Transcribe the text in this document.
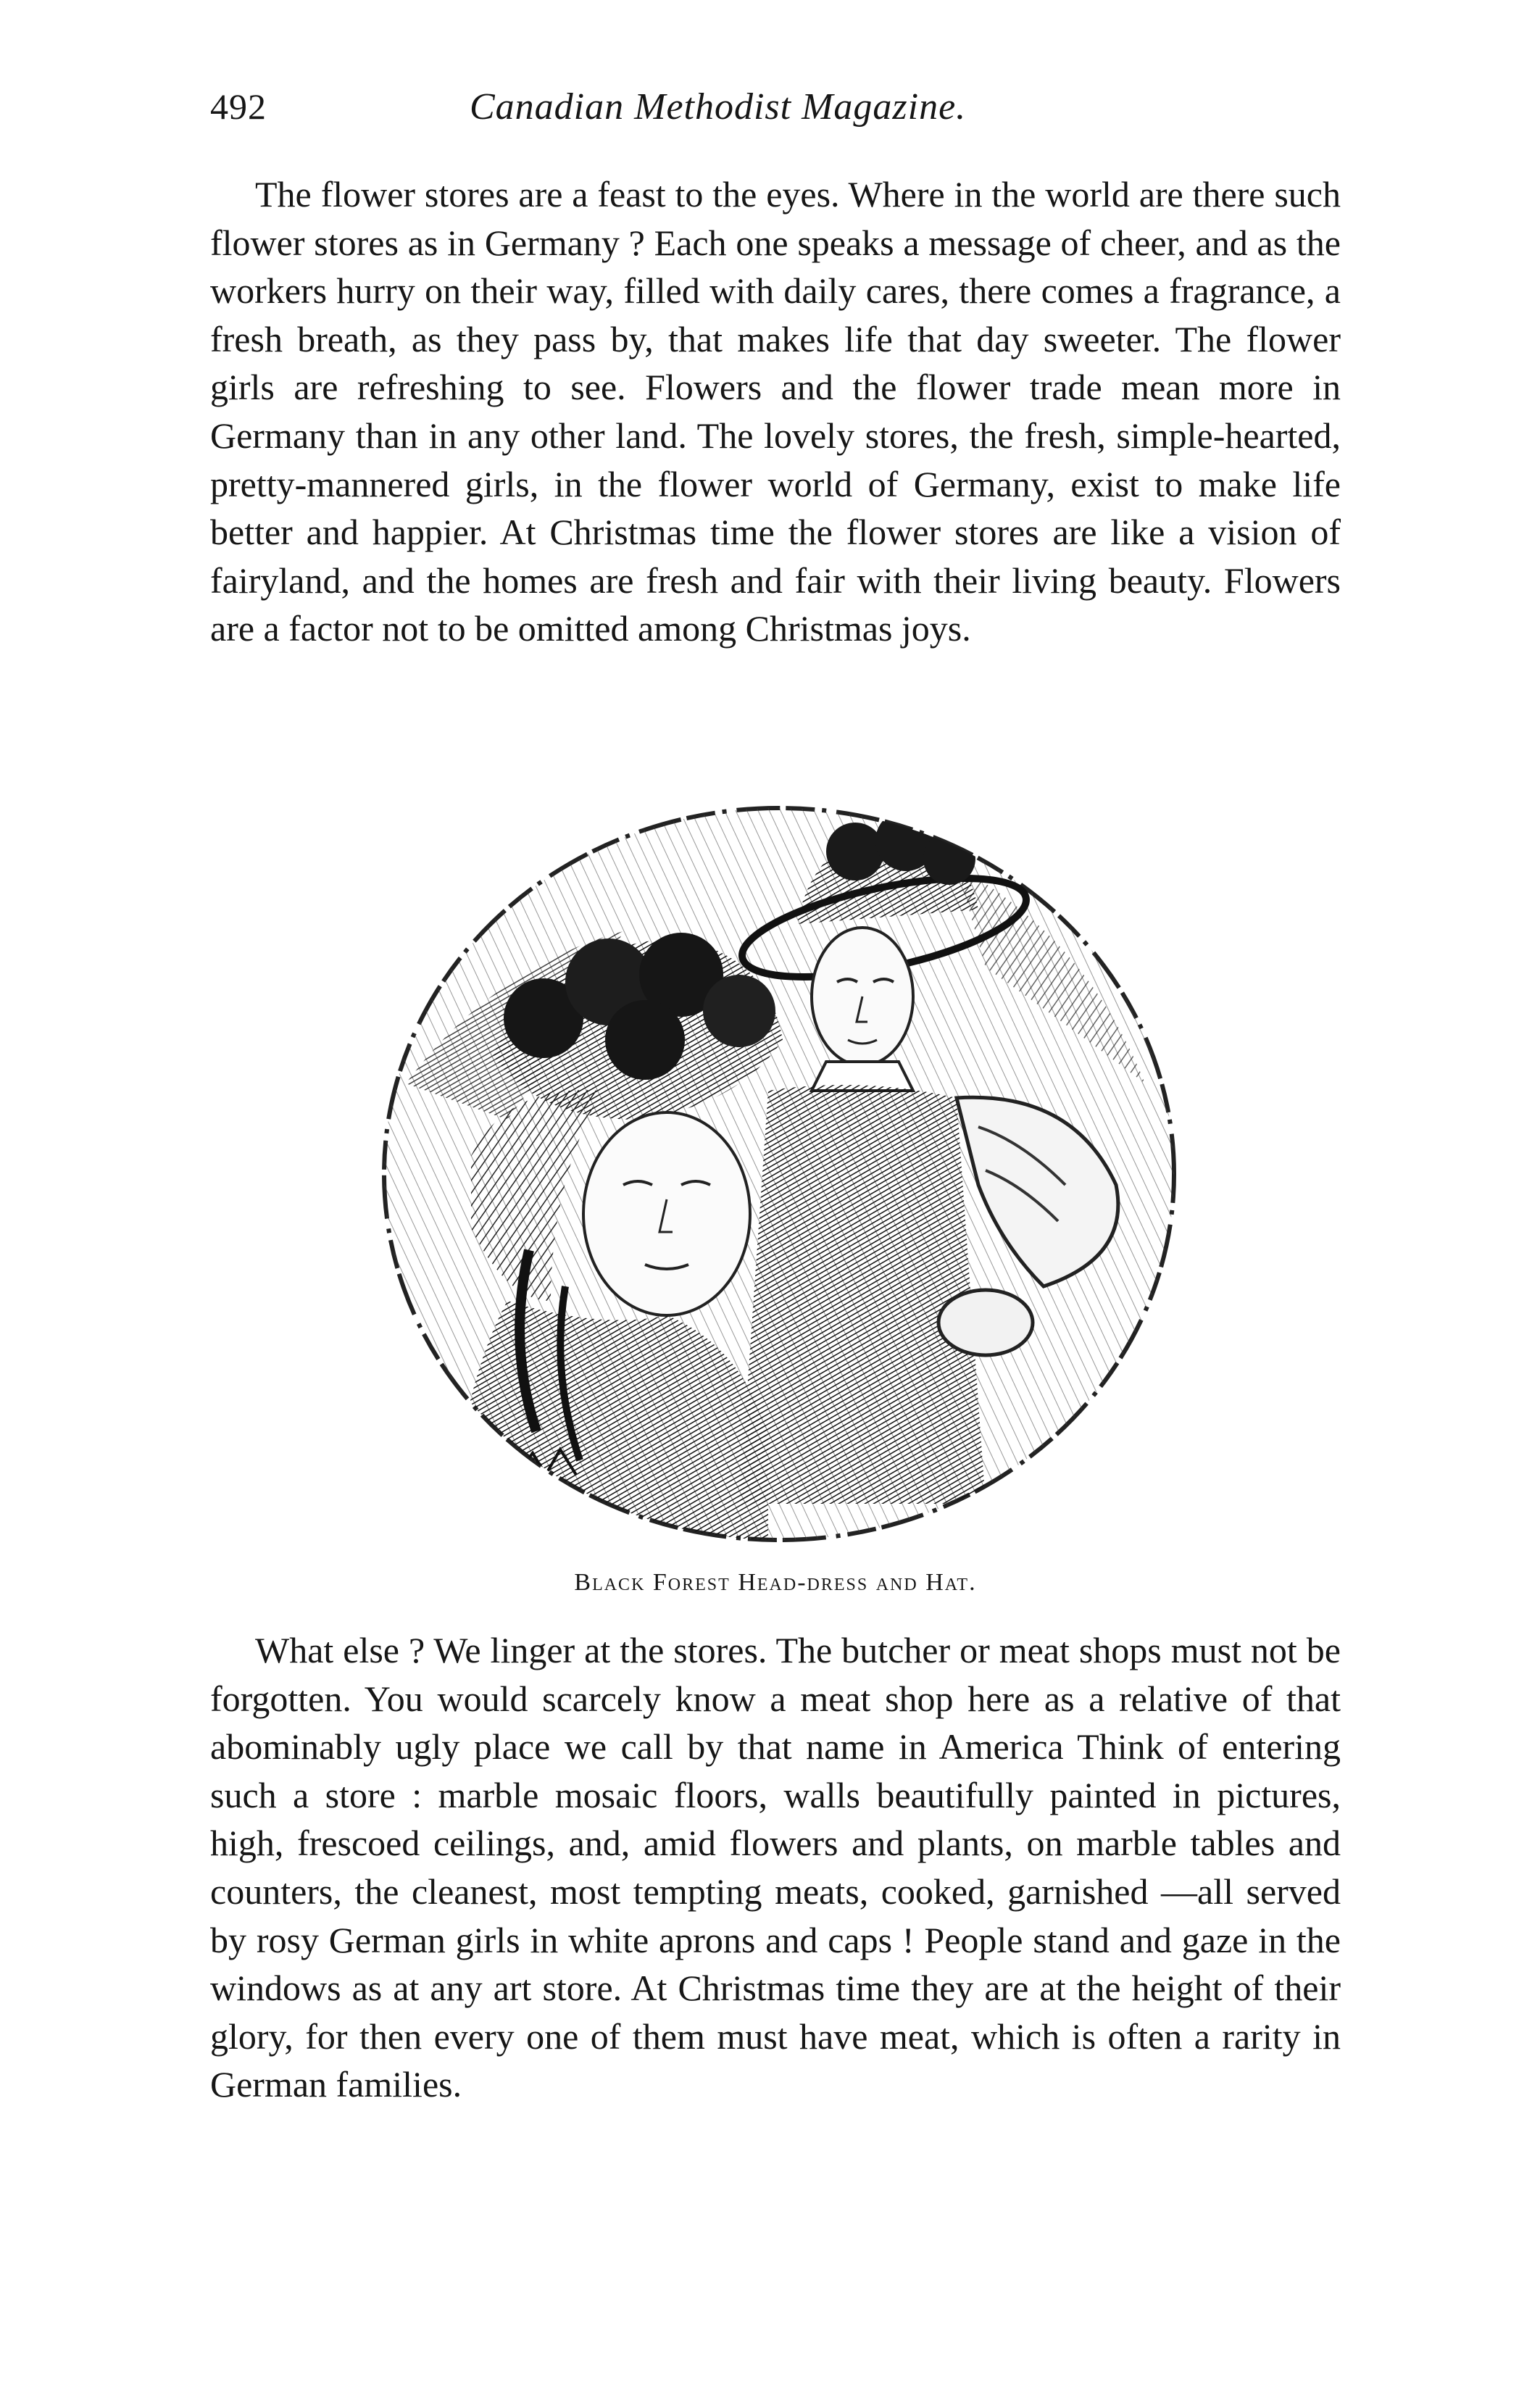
492	Canadian Methodist Magazine.

The flower stores are a feast to the eyes. Where in the world are there such flower stores as in Germany ? Each one speaks a message of cheer, and as the workers hurry on their way, filled with daily cares, there comes a fragrance, a fresh breath, as they pass by, that makes life that day sweeter. The flower girls are refreshing to see. Flowers and the flower trade mean more in Germany than in any other land. The lovely stores, the fresh, simple-hearted, pretty-mannered girls, in the flower world of Germany, exist to make life better and happier. At Christmas time the flower stores are like a vision of fairyland, and the homes are fresh and fair with their living beauty. Flowers are a factor not to be omitted among Christmas joys.

Black Forest Head-dress and Hat.

What else ? We linger at the stores. The butcher or meat shops must not be forgotten. You would scarcely know a meat shop here as a relative of that abominably ugly place we call by that name in America Think of entering such a store : marble mosaic floors, walls beautifully painted in pictures, high, frescoed ceilings, and, amid flowers and plants, on marble tables and counters, the cleanest, most tempting meats, cooked, garnished —all served by rosy German girls in white aprons and caps ! People stand and gaze in the windows as at any art store. At Christmas time they are at the height of their glory, for then every one of them must have meat, which is often a rarity in German families.
